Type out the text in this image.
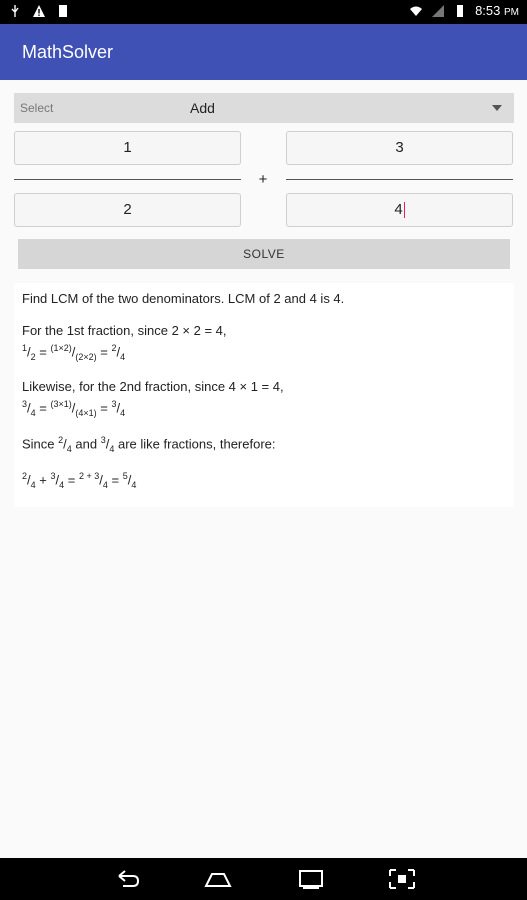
8:53 PM
MathSolver
Select	Add
1	3
+
2	4
SOLVE
Find LCM of the two denominators. LCM of 2 and 4 is 4.
For the 1st fraction, since 2 × 2 = 4,
$^1/_2 = ^{(1\times 2)}/_{(2\times 2)} = ^2/_4$
Likewise, for the 2nd fraction, since 4 × 1 = 4,
$^3/_4 = ^{(3\times 1)}/_{(4\times 1)} = ^3/_4$
Since $^2/_4$ and $^3/_4$ are like fractions, therefore:
$^2/_4 + ^3/_4 = ^{2 + 3}/_4 = ^5/_4$
